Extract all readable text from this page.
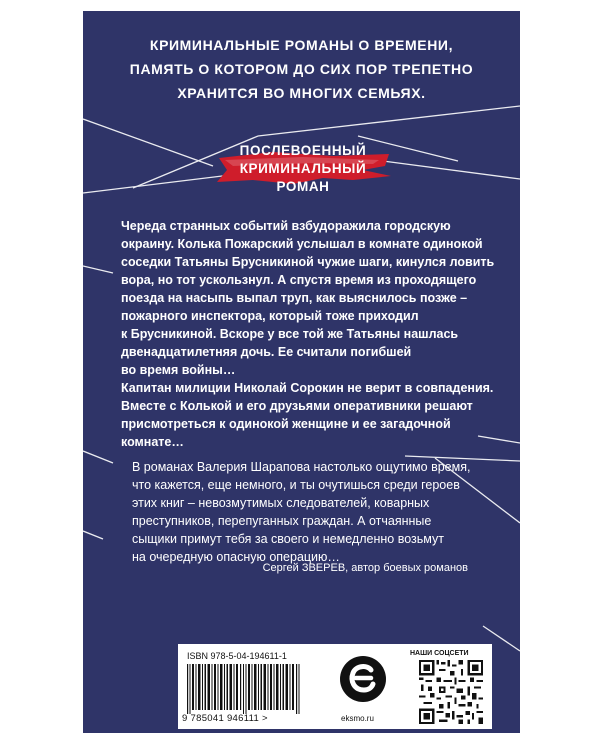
КРИМИНАЛЬНЫЕ РОМАНЫ О ВРЕМЕНИ,
ПАМЯТЬ О КОТОРОМ ДО СИХ ПОР ТРЕПЕТНО
ХРАНИТСЯ ВО МНОГИХ СЕМЬЯХ.
ПОСЛЕВОЕННЫЙ
КРИМИНАЛЬНЫЙ
РОМАН
Череда странных событий взбудоражила городскую
окраину. Колька Пожарский услышал в комнате одинокой
соседки Татьяны Брусникиной чужие шаги, кинулся ловить
вора, но тот ускользнул. А спустя время из проходящего
поезда на насыпь выпал труп, как выяснилось позже –
пожарного инспектора, который тоже приходил
к Брусникиной. Вскоре у все той же Татьяны нашлась
двенадцатилетняя дочь. Ее считали погибшей
во время войны…
Капитан милиции Николай Сорокин не верит в совпадения.
Вместе с Колькой и его друзьями оперативники решают
присмотреться к одинокой женщине и ее загадочной
комнате…
В романах Валерия Шарапова настолько ощутимо время,
что кажется, еще немного, и ты очутишься среди героев
этих книг – невозмутимых следователей, коварных
преступников, перепуганных граждан. А отчаянные
сыщики примут тебя за своего и немедленно возьмут
на очередную опасную операцию…
Сергей ЗВЕРЕВ, автор боевых романов
ISBN 978-5-04-194611-1
9 785041 946111 >	eksmo.ru
НАШИ СОЦСЕТИ
